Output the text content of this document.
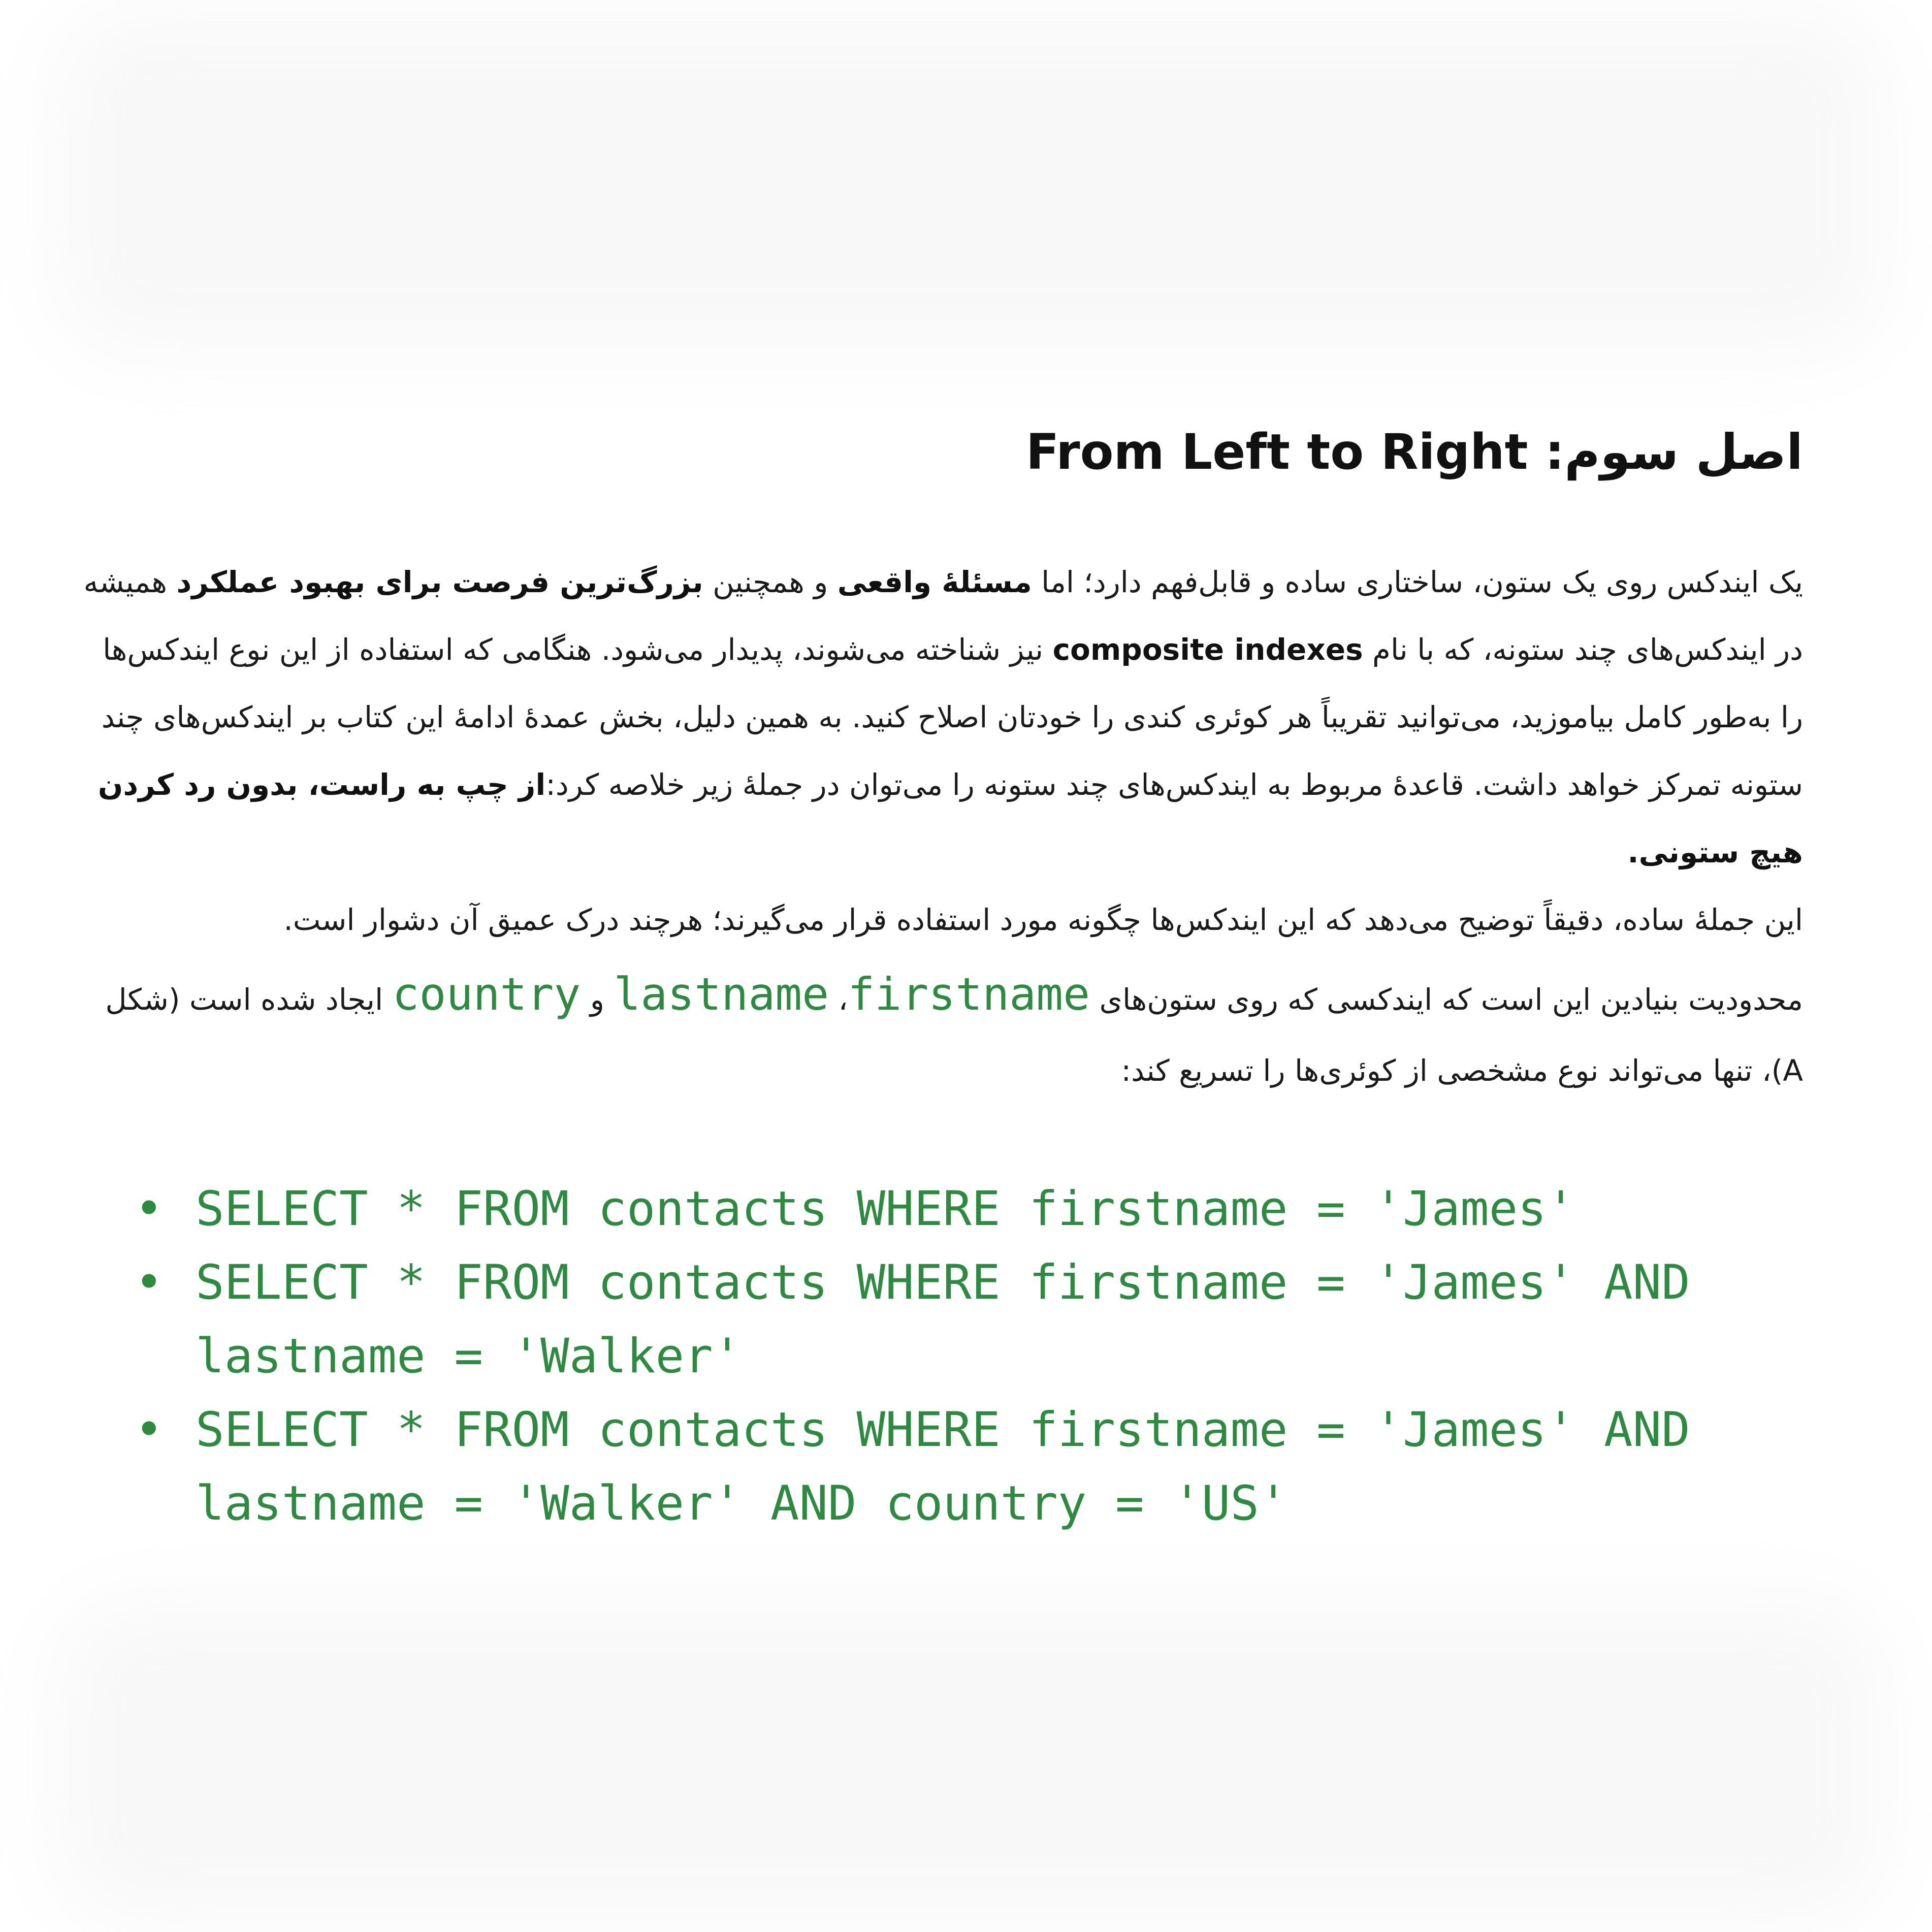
اصل سوم: From Left to Right

یک ایندکس روی یک ستون، ساختاری ساده و قابل‌فهم دارد؛ اما مسئلهٔ واقعی و همچنین بزرگ‌ترین فرصت برای بهبود عملکرد همیشه در ایندکس‌های چند ستونه، که با نام composite indexes نیز شناخته می‌شوند، پدیدار می‌شود. هنگامی که استفاده از این نوع ایندکس‌ها را به‌طور کامل بیاموزید، می‌توانید تقریباً هر کوئری کندی را خودتان اصلاح کنید. به همین دلیل، بخش عمدهٔ ادامهٔ این کتاب بر ایندکس‌های چند ستونه تمرکز خواهد داشت. قاعدهٔ مربوط به ایندکس‌های چند ستونه را می‌توان در جملهٔ زیر خلاصه کرد:از چپ به راست، بدون رد کردن هیچ ستونی.
این جملهٔ ساده، دقیقاً توضیح می‌دهد که این ایندکس‌ها چگونه مورد استفاده قرار می‌گیرند؛ هرچند درک عمیق آن دشوار است.

محدودیت بنیادین این است که ایندکسی که روی ستون‌های firstname، lastname و country ایجاد شده است (شکل A)، تنها می‌تواند نوع مشخصی از کوئری‌ها را تسریع کند:

• SELECT * FROM contacts WHERE firstname = 'James'
• SELECT * FROM contacts WHERE firstname = 'James' AND
lastname = 'Walker'
• SELECT * FROM contacts WHERE firstname = 'James' AND
lastname = 'Walker' AND country = 'US'
